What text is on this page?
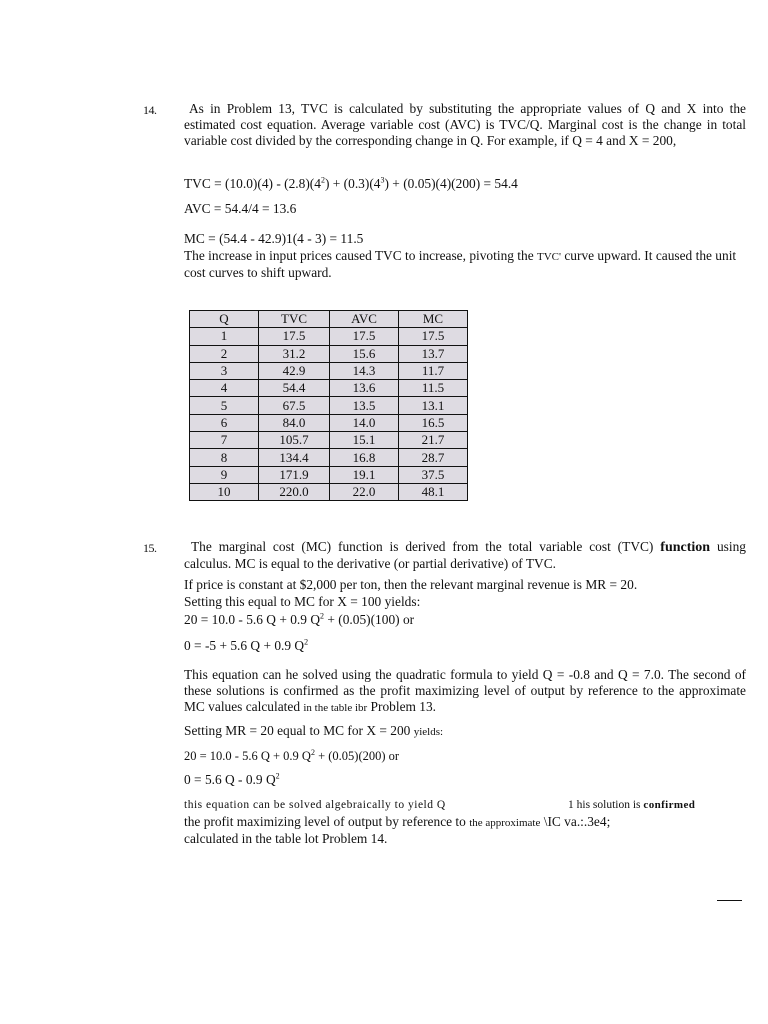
14.	As in Problem 13, TVC is calculated by substituting the appropriate values of Q and X into the estimated cost equation. Average variable cost (AVC) is TVC/Q. Marginal cost is the change in total variable cost divided by the corresponding change in Q. For example, if Q = 4 and X = 200,
TVC = $(10.0)(4) - (2.8)(4^2) + (0.3)(4^3) + (0.05)(4)(200) = 54.4$
AVC = 54.4/4 = 13.6
MC = (54.4 - 42.9)1(4 - 3) = 11.5
The increase in input prices caused TVC to increase, pivoting the TVC' curve upward. It caused the unit cost curves to shift upward.
Q	TVC	AVC	MC
1	17.5	17.5	17.5
2	31.2	15.6	13.7
3	42.9	14.3	11.7
4	54.4	13.6	11.5
5	67.5	13.5	13.1
6	84.0	14.0	16.5
7	105.7	15.1	21.7
8	134.4	16.8	28.7
9	171.9	19.1	37.5
10	220.0	22.0	48.1
15.	The marginal cost (MC) function is derived from the total variable cost (TVC) function using calculus. MC is equal to the derivative (or partial derivative) of TVC.
If price is constant at $2,000 per ton, then the relevant marginal revenue is MR = 20.
Setting this equal to MC for X = 100 yields:
20 = 10.0 - 5.6 Q + 0.9 $Q^2 + (0.05)(100)$ or
0 = -5 + 5.6 Q + 0.9 $Q^2$
This equation can he solved using the quadratic formula to yield Q = -0.8 and Q = 7.0. The second of these solutions is confirmed as the profit maximizing level of output by reference to the approximate MC values calculated in the table ibr Problem 13.
Setting MR = 20 equal to MC for X = 200 yields:
20 = 10.0 - 5.6 Q + 0.9 $Q^2 + (0.05)(200)$ or
0 = 5.6 Q - 0.9 $Q^2$
this equation can be solved algebraically to yield Q	1 his solution is confirmed
the profit maximizing level of output by reference to the approximate \IC va.:.3e4;
calculated in the table lot Problem 14.
